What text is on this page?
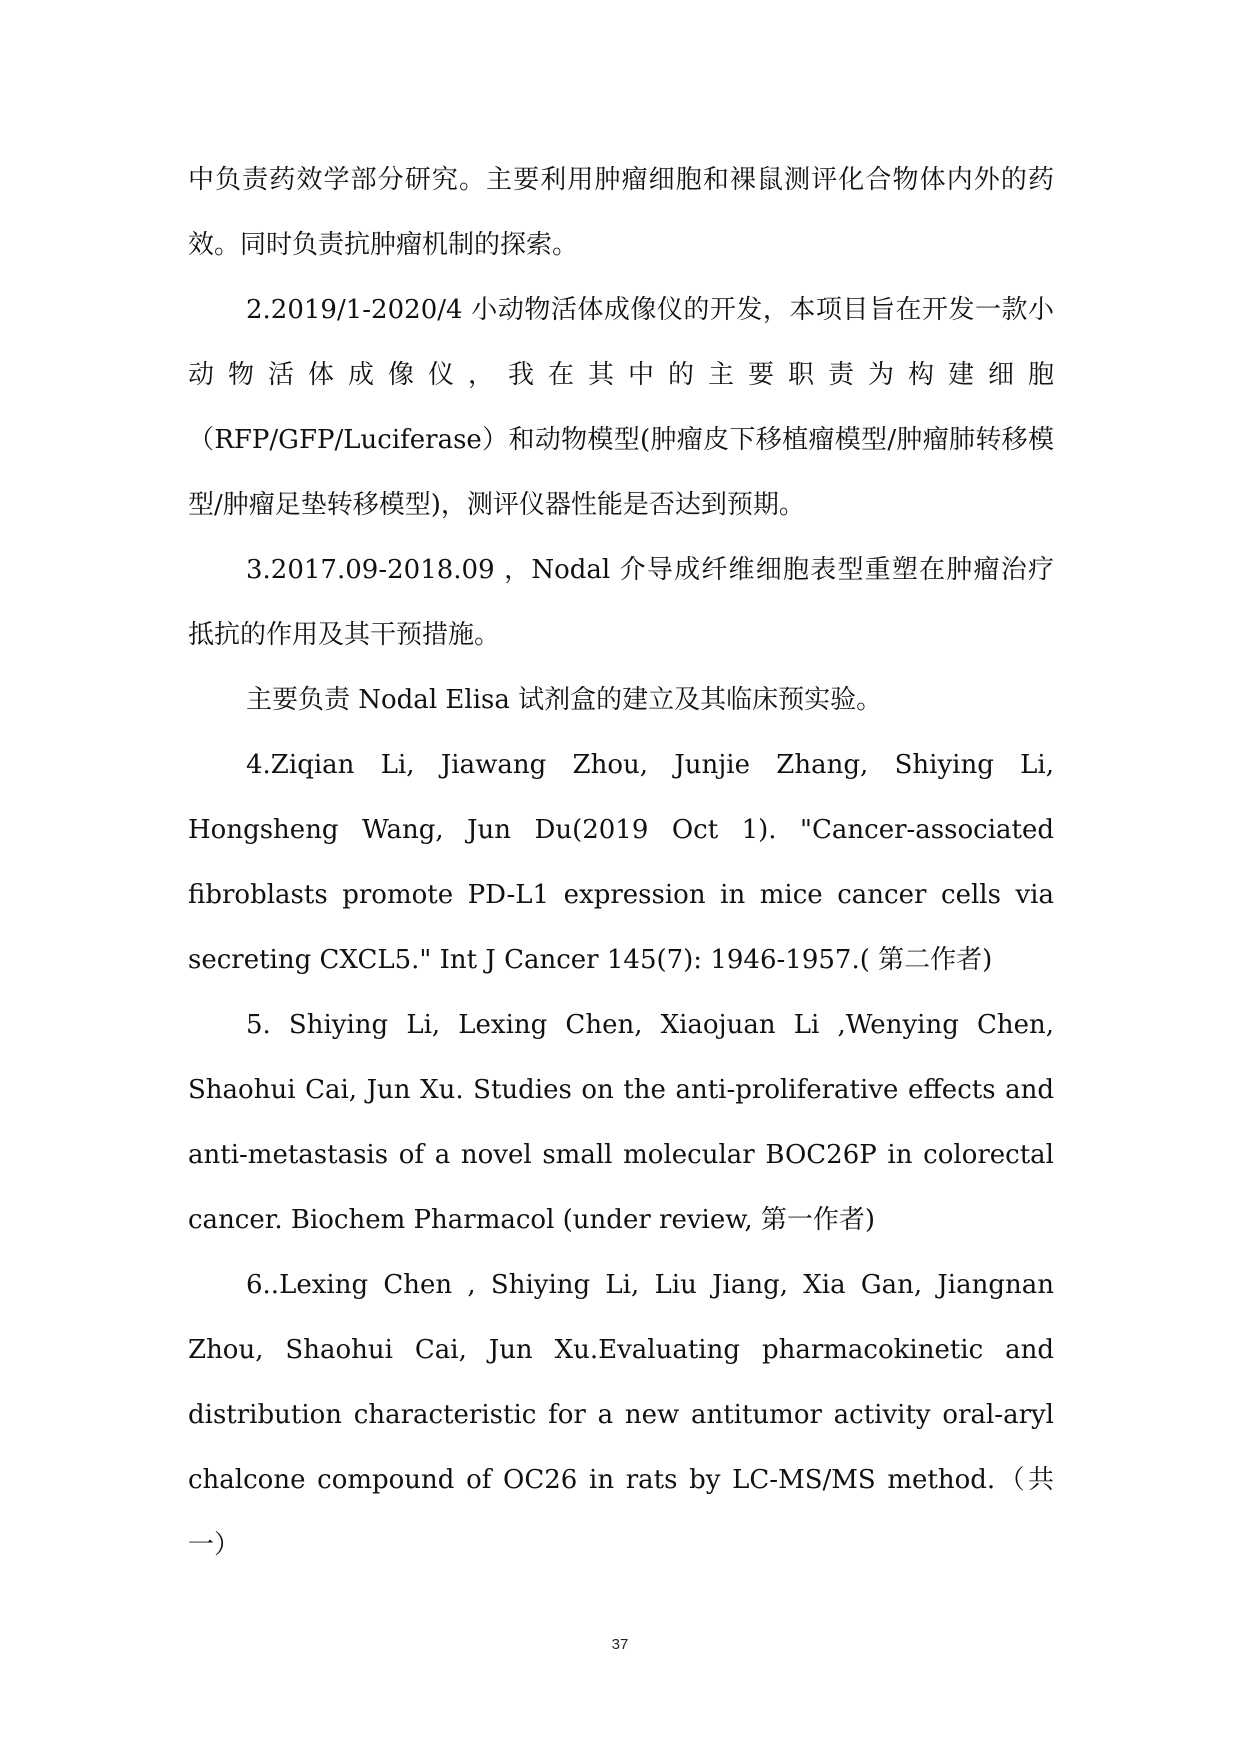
中负责药效学部分研究。主要利用肿瘤细胞和裸鼠测评化合物体内外的药效。同时负责抗肿瘤机制的探索。

2.2019/1-2020/4 小动物活体成像仪的开发，本项目旨在开发一款小动物活体成像仪，我在其中的主要职责为构建细胞（RFP/GFP/Luciferase）和动物模型(肿瘤皮下移植瘤模型/肿瘤肺转移模型/肿瘤足垫转移模型)，测评仪器性能是否达到预期。

3.2017.09-2018.09 ，Nodal 介导成纤维细胞表型重塑在肿瘤治疗抵抗的作用及其干预措施。

主要负责 Nodal Elisa 试剂盒的建立及其临床预实验。

4.Ziqian Li, Jiawang Zhou, Junjie Zhang, Shiying Li, Hongsheng Wang, Jun Du(2019 Oct 1). "Cancer-associated fibroblasts promote PD-L1 expression in mice cancer cells via secreting CXCL5." Int J Cancer 145(7): 1946-1957.( 第二作者)

5. Shiying Li, Lexing Chen, Xiaojuan Li ,Wenying Chen, Shaohui Cai, Jun Xu. Studies on the anti-proliferative effects and anti-metastasis of a novel small molecular BOC26P in colorectal cancer. Biochem Pharmacol (under review, 第一作者)

6..Lexing Chen , Shiying Li, Liu Jiang, Xia Gan, Jiangnan Zhou, Shaohui Cai, Jun Xu.Evaluating pharmacokinetic and distribution characteristic for a new antitumor activity oral-aryl chalcone compound of OC26 in rats by LC-MS/MS method.（共一）

37
